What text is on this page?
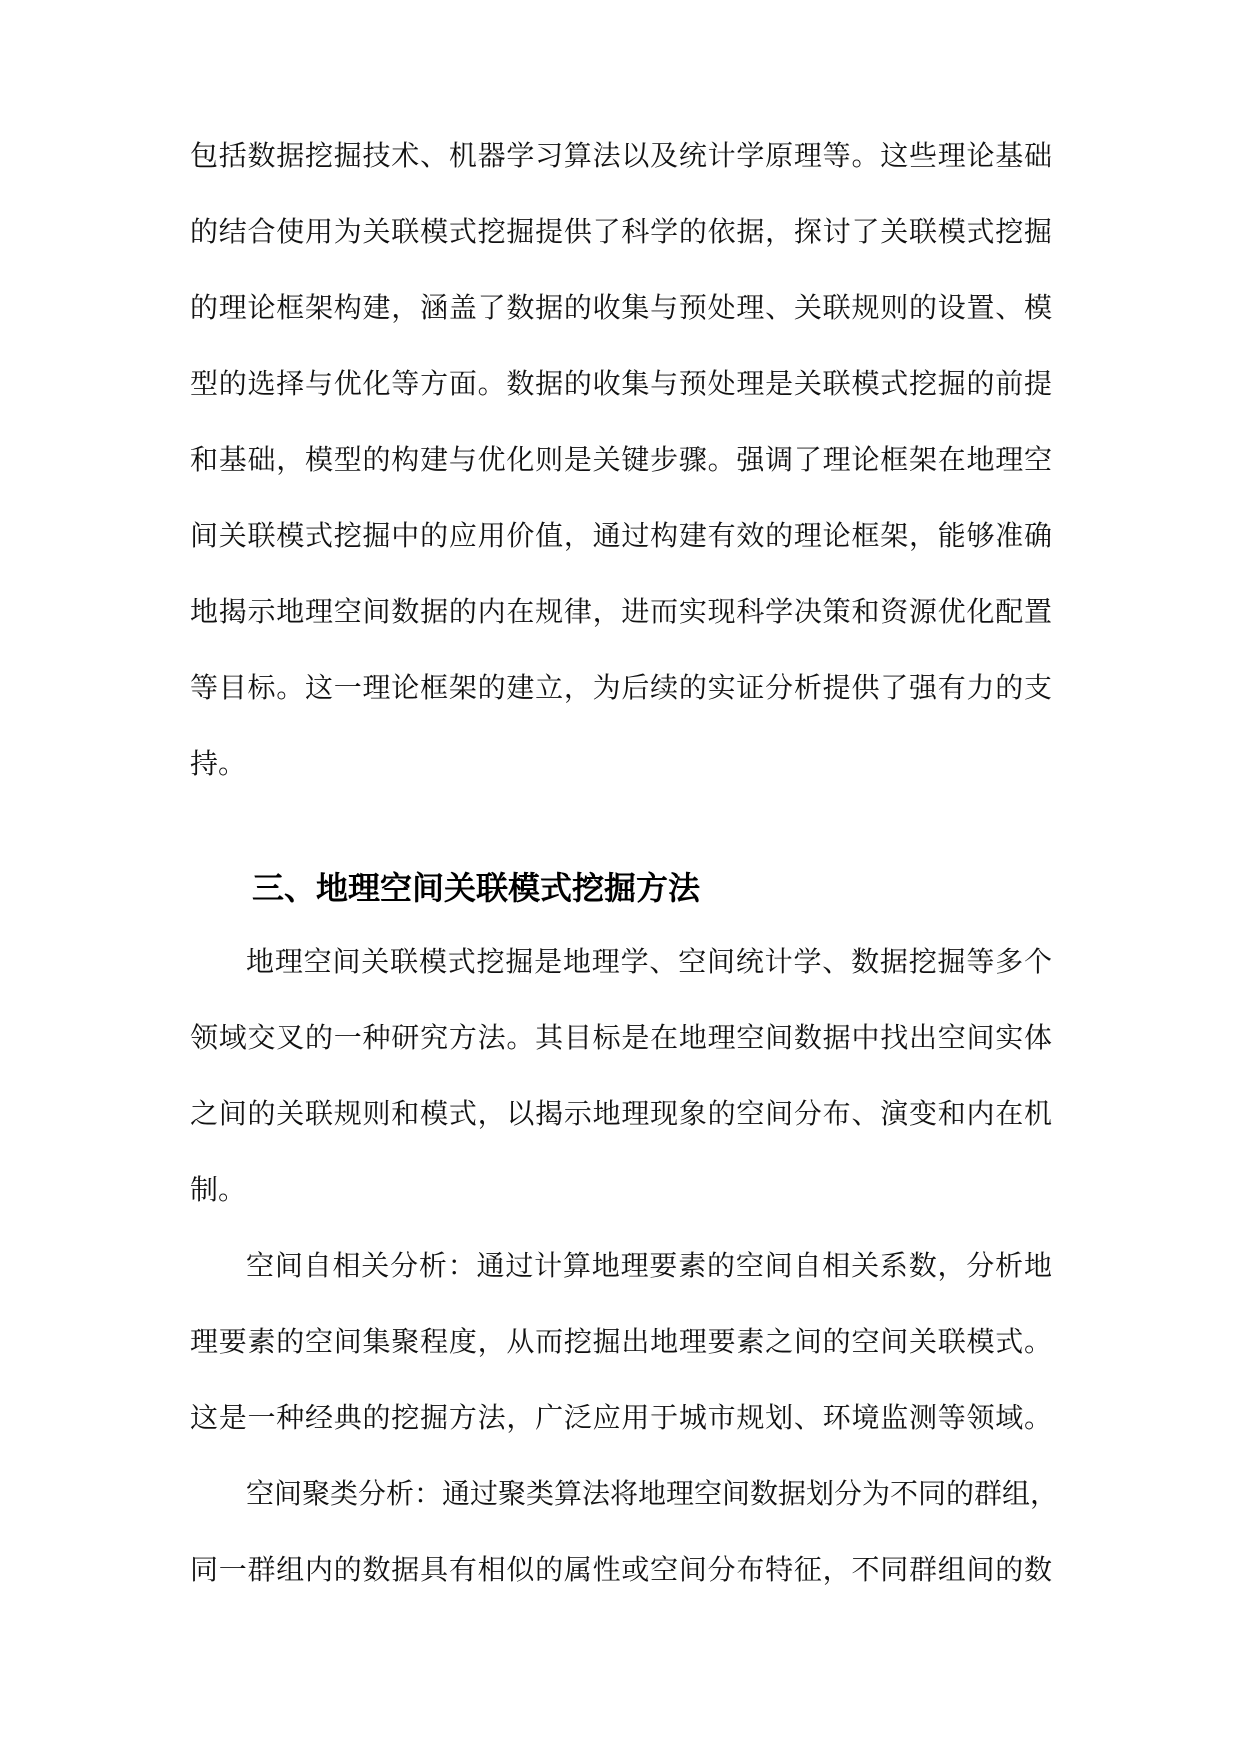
包括数据挖掘技术、机器学习算法以及统计学原理等。这些理论基础
的结合使用为关联模式挖掘提供了科学的依据，探讨了关联模式挖掘
的理论框架构建，涵盖了数据的收集与预处理、关联规则的设置、模
型的选择与优化等方面。数据的收集与预处理是关联模式挖掘的前提
和基础，模型的构建与优化则是关键步骤。强调了理论框架在地理空
间关联模式挖掘中的应用价值，通过构建有效的理论框架，能够准确
地揭示地理空间数据的内在规律，进而实现科学决策和资源优化配置
等目标。这一理论框架的建立，为后续的实证分析提供了强有力的支
持。
三、地理空间关联模式挖掘方法
地理空间关联模式挖掘是地理学、空间统计学、数据挖掘等多个
领域交叉的一种研究方法。其目标是在地理空间数据中找出空间实体
之间的关联规则和模式，以揭示地理现象的空间分布、演变和内在机
制。
空间自相关分析：通过计算地理要素的空间自相关系数，分析地
理要素的空间集聚程度，从而挖掘出地理要素之间的空间关联模式。
这是一种经典的挖掘方法，广泛应用于城市规划、环境监测等领域。
空间聚类分析：通过聚类算法将地理空间数据划分为不同的群组，
同一群组内的数据具有相似的属性或空间分布特征，不同群组间的数
